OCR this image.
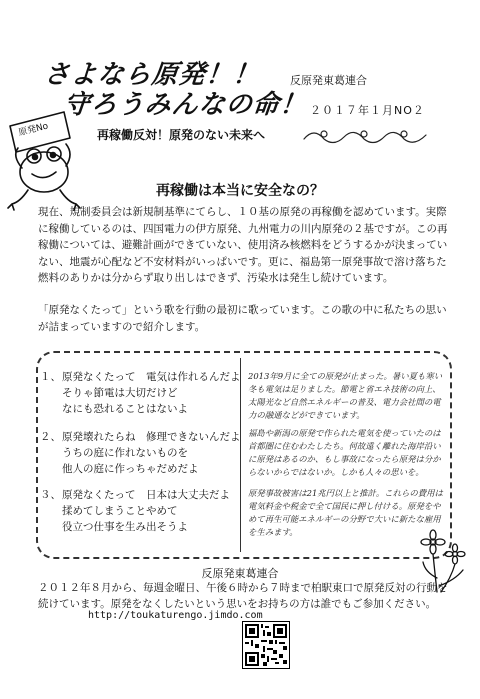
原発No
さよなら原発！！
守ろうみんなの命！
反原発東葛連合
２０１７年１月NO２
再稼働反対！原発のない未来へ
再稼働は本当に安全なの？
現在、規制委員会は新規制基準にてらし、１０基の原発の再稼働を認めています。実際に稼働しているのは、四国電力の伊方原発、九州電力の川内原発の２基ですが。この再稼働については、避難計画ができていない、使用済み核燃料をどうするかが決まっていない、地震が心配など不安材料がいっぱいです。更に、福島第一原発事故で溶け落ちた燃料のありかは分からず取り出しはできず、汚染水は発生し続けています。
「原発なくたって」という歌を行動の最初に歌っています。この歌の中に私たちの思いが詰まっていますので紹介します。
１、原発なくたって　電気は作れるんだよ
そりゃ節電は大切だけど
なにも恐れることはないよ
２、原発壊れたらね　修理できないんだよ
うちの庭に作れないものを
他人の庭に作っちゃだめだよ
３、原発なくたって　日本は大丈夫だよ
揉めてしまうことやめて
役立つ仕事を生み出そうよ
2013年9月に全ての原発が止まった。暑い夏も寒い冬も電気は足りました。節電と省エネ技術の向上、太陽光など自然エネルギーの普及、電力会社間の電力の融通などができています。
福島や新潟の原発で作られた電気を使っていたのは首都圏に住むわたしたち。何故遠く離れた海岸沿いに原発はあるのか、もし事故になったら原発は分からないからではないか。しかも人々の思いを。
原発事故被害は21兆円以上と推計。これらの費用は電気料金や税金で全て国民に押し付ける。原発をやめて再生可能エネルギーの分野で大いに新たな雇用を生みます。
反原発東葛連合
２０１２年８月から、毎週金曜日、午後６時から７時まで柏駅東口で原発反対の行動を続けています。原発をなくしたいという思いをお持ちの方は誰でもご参加ください。
http://toukaturengo.jimdo.com
